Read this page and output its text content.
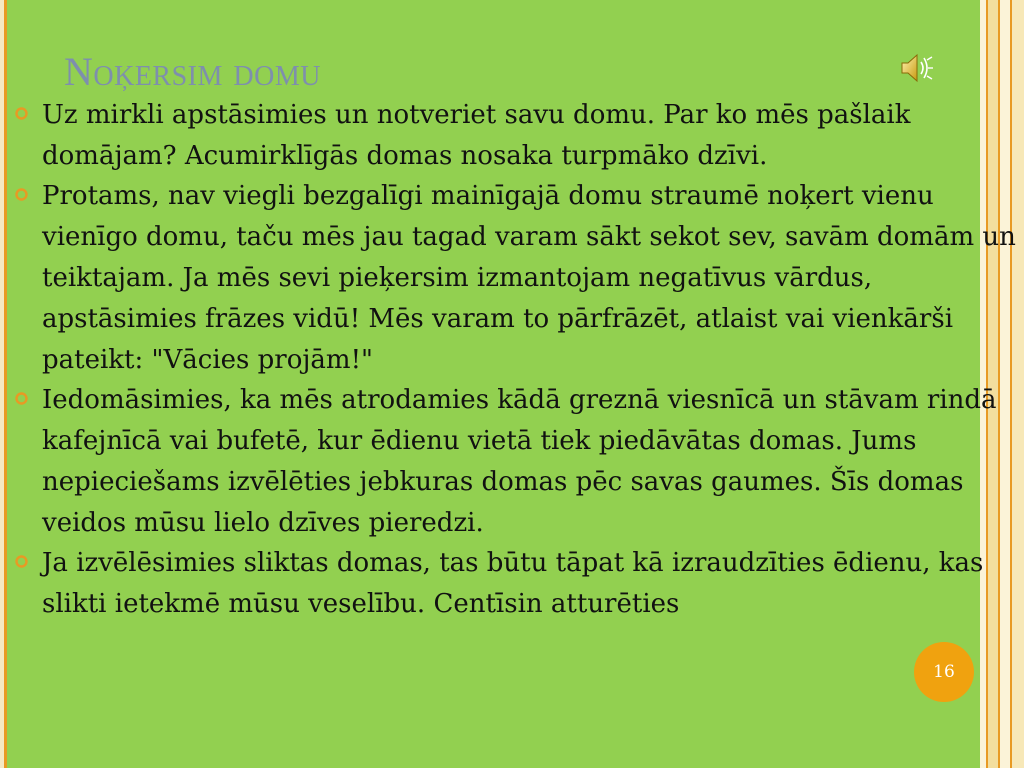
Noķersim domu
Uz mirkli apstāsimies un notveriet savu domu. Par ko mēs pašlaik domājam? Acumirklīgās domas nosaka turpmāko dzīvi.
Protams, nav viegli bezgalīgi mainīgajā domu straumē noķert vienu vienīgo domu, taču mēs jau tagad varam sākt sekot sev, savām domām un teiktajam. Ja mēs sevi pieķersim izmantojam negatīvus vārdus, apstāsimies frāzes vidū! Mēs varam to pārfrāzēt, atlaist vai vienkārši pateikt: "Vācies projām!"
Iedomāsimies, ka mēs atrodamies kādā greznā viesnīcā un stāvam rindā kafejnīcā vai bufetē, kur ēdienu vietā tiek piedāvātas domas. Jums nepieciešams izvēlēties jebkuras domas pēc savas gaumes. Šīs domas veidos mūsu lielo dzīves pieredzi.
Ja izvēlēsimies sliktas domas, tas būtu tāpat kā izraudzīties ēdienu, kas slikti ietekmē mūsu veselību. Centīsin atturēties
16
